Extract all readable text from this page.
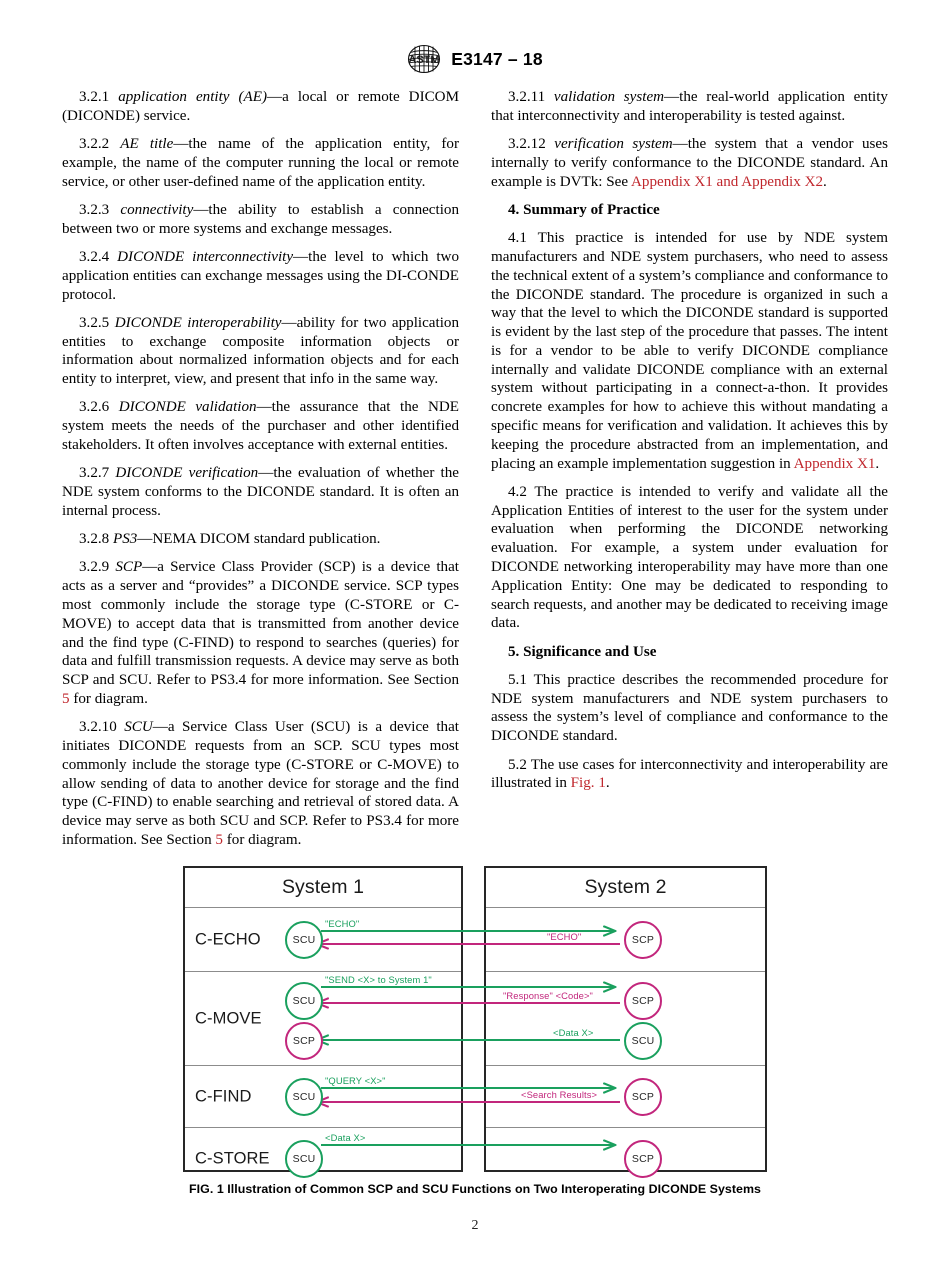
ASTM E3147 – 18

3.2.1 application entity (AE)—a local or remote DICOM (DICONDE) service.

3.2.2 AE title—the name of the application entity, for example, the name of the computer running the local or remote service, or other user-defined name of the application entity.

3.2.3 connectivity—the ability to establish a connection between two or more systems and exchange messages.

3.2.4 DICONDE interconnectivity—the level to which two application entities can exchange messages using the DI-CONDE protocol.

3.2.5 DICONDE interoperability—ability for two application entities to exchange composite information objects or information about normalized information objects and for each entity to interpret, view, and present that info in the same way.

3.2.6 DICONDE validation—the assurance that the NDE system meets the needs of the purchaser and other identified stakeholders. It often involves acceptance with external entities.

3.2.7 DICONDE verification—the evaluation of whether the NDE system conforms to the DICONDE standard. It is often an internal process.

3.2.8 PS3—NEMA DICOM standard publication.

3.2.9 SCP—a Service Class Provider (SCP) is a device that acts as a server and “provides” a DICONDE service. SCP types most commonly include the storage type (C-STORE or C-MOVE) to accept data that is transmitted from another device and the find type (C-FIND) to respond to searches (queries) for data and fulfill transmission requests. A device may serve as both SCP and SCU. Refer to PS3.4 for more information. See Section 5 for diagram.

3.2.10 SCU—a Service Class User (SCU) is a device that initiates DICONDE requests from an SCP. SCU types most commonly include the storage type (C-STORE or C-MOVE) to allow sending of data to another device for storage and the find type (C-FIND) to enable searching and retrieval of stored data. A device may serve as both SCU and SCP. Refer to PS3.4 for more information. See Section 5 for diagram.

3.2.11 validation system—the real-world application entity that interconnectivity and interoperability is tested against.

3.2.12 verification system—the system that a vendor uses internally to verify conformance to the DICONDE standard. An example is DVTk: See Appendix X1 and Appendix X2.

4. Summary of Practice

4.1 This practice is intended for use by NDE system manufacturers and NDE system purchasers, who need to assess the technical extent of a system’s compliance and conformance to the DICONDE standard. The procedure is organized in such a way that the level to which the DICONDE standard is supported is evident by the last step of the procedure that passes. The intent is for a vendor to be able to verify DICONDE compliance internally and validate DICONDE compliance with an external system without participating in a connect-a-thon. It provides concrete examples for how to achieve this without mandating a specific means for verification and validation. It achieves this by keeping the procedure abstracted from an implementation, and placing an example implementation suggestion in Appendix X1.

4.2 The practice is intended to verify and validate all the Application Entities of interest to the user for the system under evaluation when performing the DICONDE networking evaluation. For example, a system under evaluation for DICONDE networking interoperability may have more than one Application Entity: One may be dedicated to responding to search requests, and another may be dedicated to receiving image data.

5. Significance and Use

5.1 This practice describes the recommended procedure for NDE system manufacturers and NDE system purchasers to assess the system’s level of compliance and conformance to the DICONDE standard.

5.2 The use cases for interconnectivity and interoperability are illustrated in Fig. 1.

System 1
C-ECHO	SCU
C-MOVE
SCU
SCP
C-FIND	SCU
C-STORE	SCU
System 2
SCP
SCP
SCU
SCP
SCP
"ECHO"
"ECHO"
"SEND <X> to System 1"
"Response" <Code>"
<Data X>
"QUERY <X>"
<Search Results>
<Data X>
FIG. 1 Illustration of Common SCP and SCU Functions on Two Interoperating DICONDE Systems
2
